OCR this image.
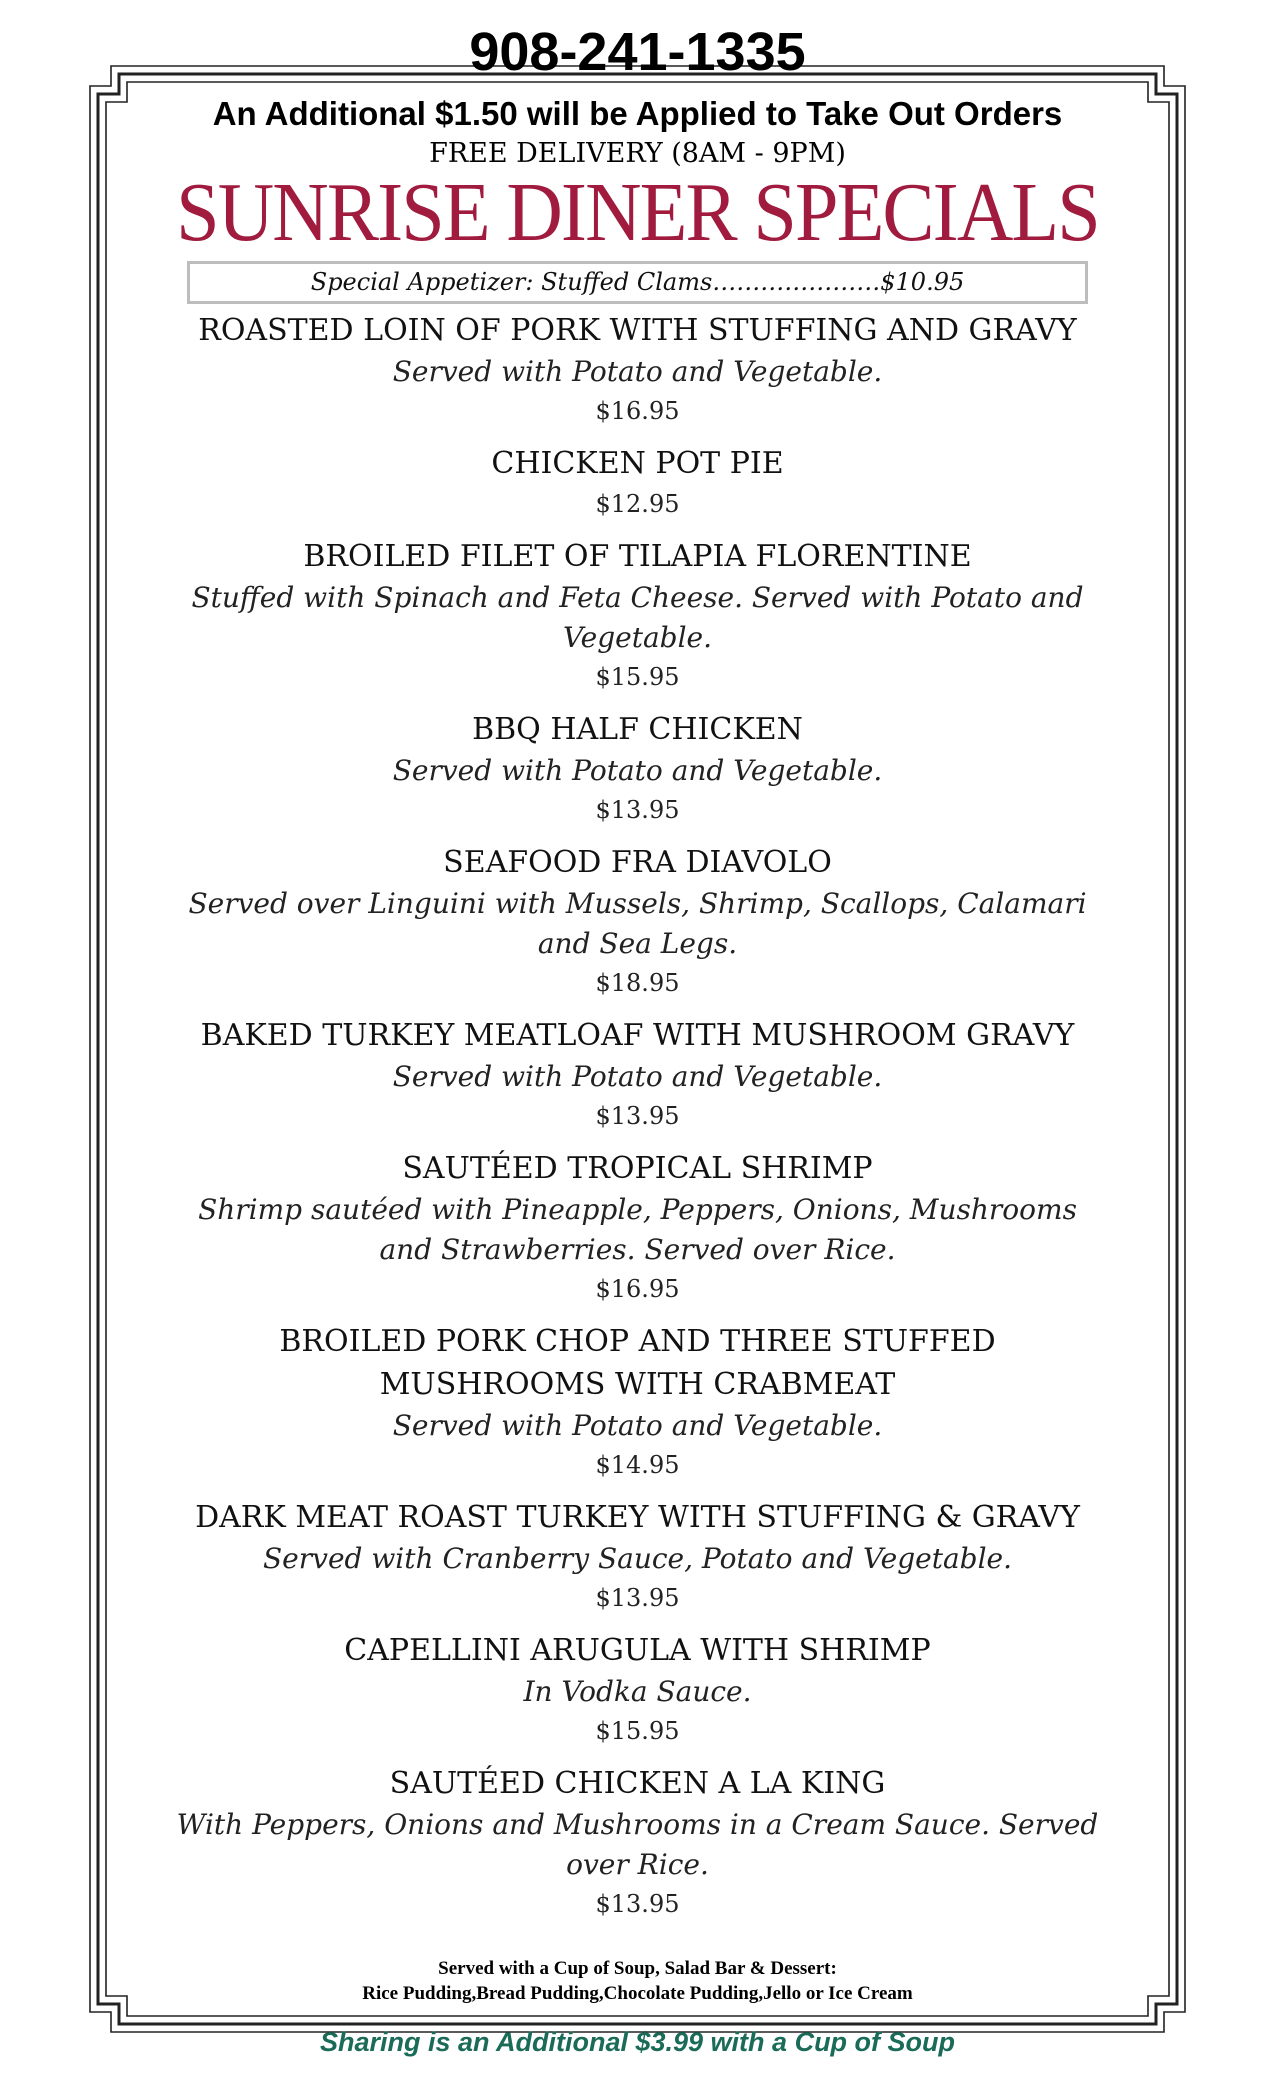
908-241-1335
An Additional $1.50 will be Applied to Take Out Orders
FREE DELIVERY (8AM - 9PM)
SUNRISE DINER SPECIALS
Special Appetizer: Stuffed Clams…………………$10.95
ROASTED LOIN OF PORK WITH STUFFING AND GRAVY
Served with Potato and Vegetable.
$16.95
CHICKEN POT PIE
$12.95
BROILED FILET OF TILAPIA FLORENTINE
Stuffed with Spinach and Feta Cheese. Served with Potato and Vegetable.
$15.95
BBQ HALF CHICKEN
Served with Potato and Vegetable.
$13.95
SEAFOOD FRA DIAVOLO
Served over Linguini with Mussels, Shrimp, Scallops, Calamari and Sea Legs.
$18.95
BAKED TURKEY MEATLOAF WITH MUSHROOM GRAVY
Served with Potato and Vegetable.
$13.95
SAUTÉED TROPICAL SHRIMP
Shrimp sautéed with Pineapple, Peppers, Onions, Mushrooms and Strawberries. Served over Rice.
$16.95
BROILED PORK CHOP AND THREE STUFFED MUSHROOMS WITH CRABMEAT
Served with Potato and Vegetable.
$14.95
DARK MEAT ROAST TURKEY WITH STUFFING & GRAVY
Served with Cranberry Sauce, Potato and Vegetable.
$13.95
CAPELLINI ARUGULA WITH SHRIMP
In Vodka Sauce.
$15.95
SAUTÉED CHICKEN A LA KING
With Peppers, Onions and Mushrooms in a Cream Sauce. Served over Rice.
$13.95
Served with a Cup of Soup, Salad Bar & Dessert:
Rice Pudding,Bread Pudding,Chocolate Pudding,Jello or Ice Cream
Sharing is an Additional $3.99 with a Cup of Soup
